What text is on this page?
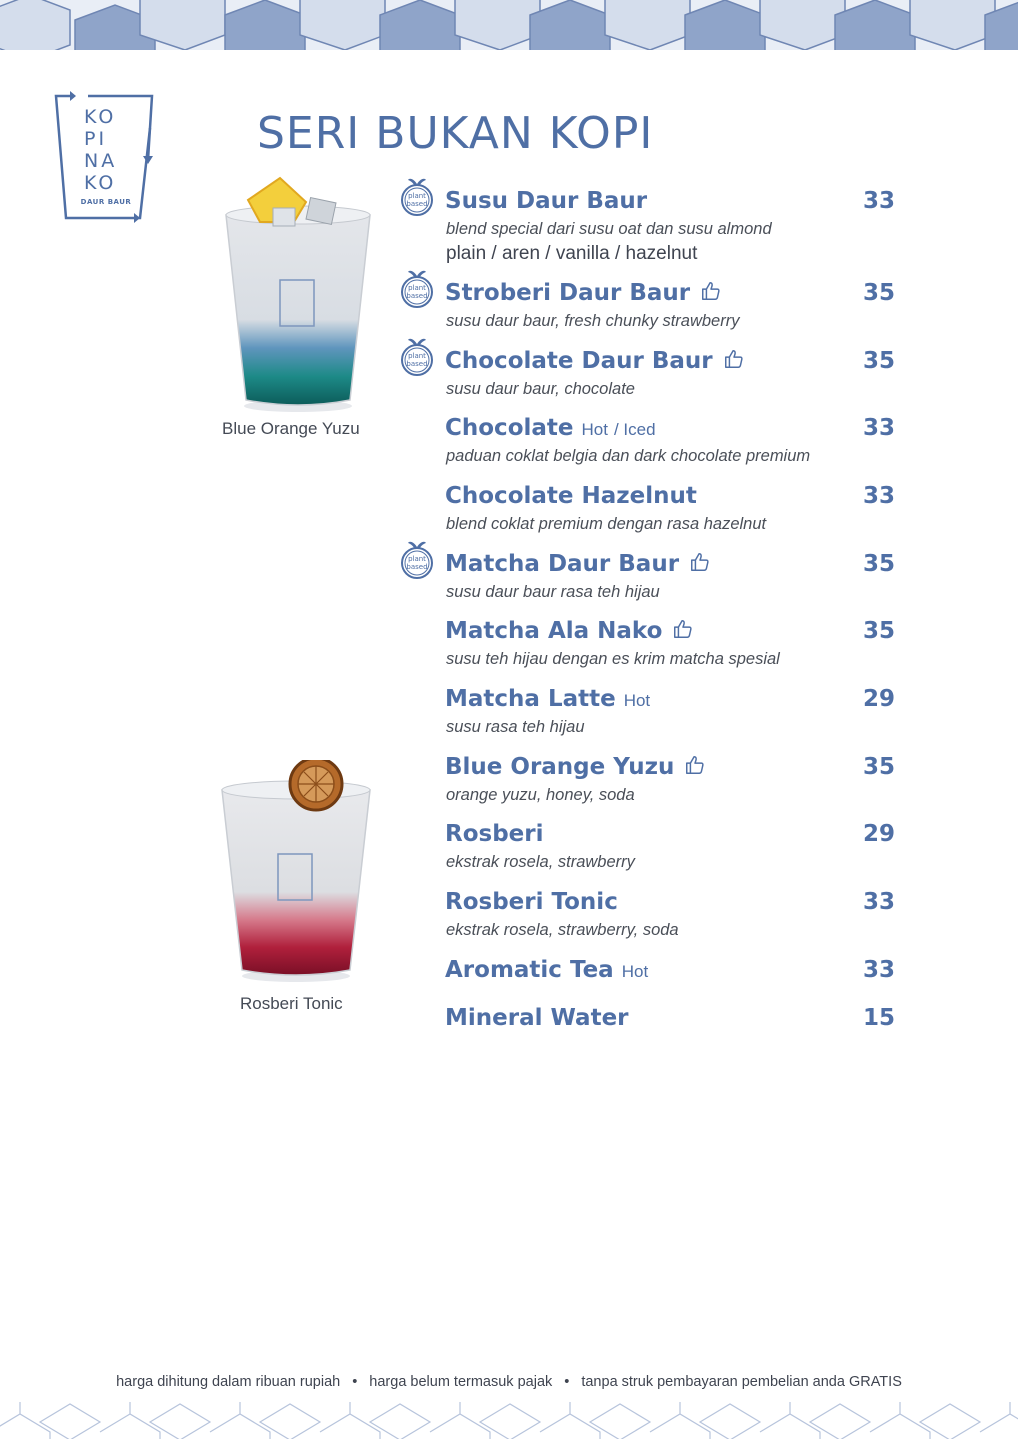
KO
PI
NA
KO
DAUR BAUR
SERI BUKAN KOPI
Blue Orange Yuzu
Rosberi Tonic
plant
based Susu Daur Baur	33
blend special dari susu oat dan susu almond
plain / aren / vanilla / hazelnut
plant
based Stroberi Daur Baur	35
susu daur baur, fresh chunky strawberry
plant
based Chocolate Daur Baur	35
susu daur baur, chocolate
Chocolate Hot / Iced	33
paduan coklat belgia dan dark chocolate premium
Chocolate Hazelnut	33
blend coklat premium dengan rasa hazelnut
plant
based Matcha Daur Baur	35
susu daur baur rasa teh hijau
Matcha Ala Nako	35
susu teh hijau dengan es krim matcha spesial
Matcha Latte Hot	29
susu rasa teh hijau
Blue Orange Yuzu	35
orange yuzu, honey, soda
Rosberi	29
ekstrak rosela, strawberry
Rosberi Tonic	33
ekstrak rosela, strawberry, soda
Aromatic Tea Hot	33
Mineral Water	15
harga dihitung dalam ribuan rupiah • harga belum termasuk pajak • tanpa struk pembayaran pembelian anda GRATIS
